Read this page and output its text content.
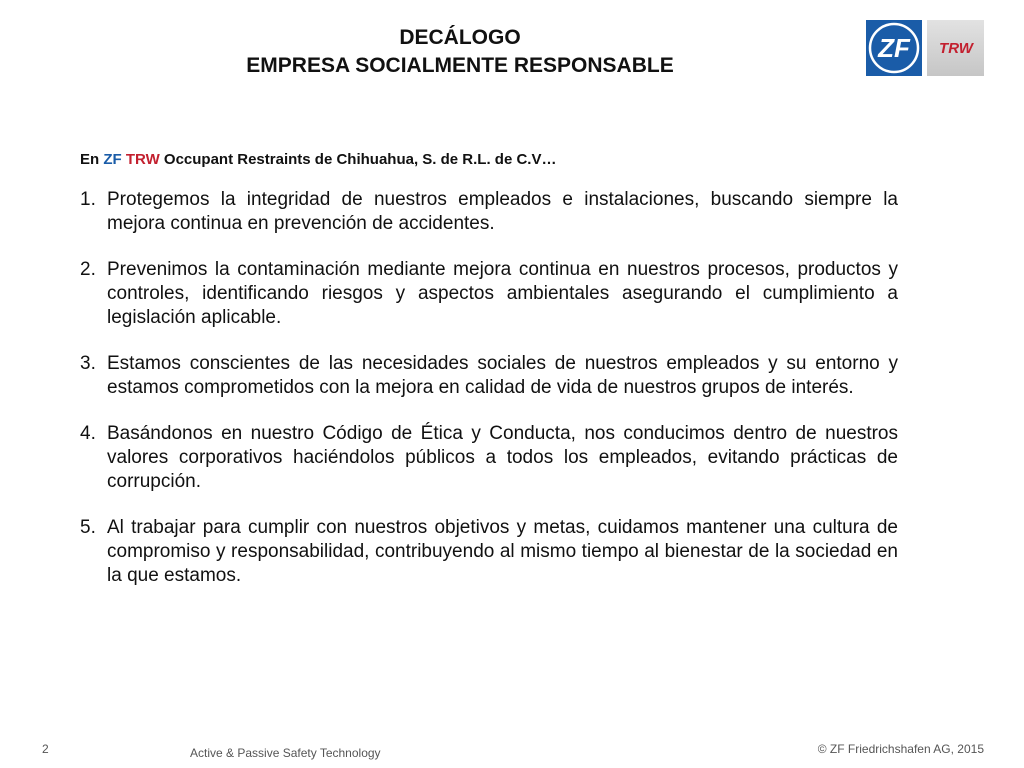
DECÁLOGO
EMPRESA SOCIALMENTE RESPONSABLE
ZF TRW
En ZF TRW Occupant Restraints de Chihuahua, S. de R.L. de C.V…
1. Protegemos la integridad de nuestros empleados e instalaciones, buscando siempre la mejora continua en prevención de accidentes.
2. Prevenimos la contaminación mediante mejora continua en nuestros procesos, productos y controles, identificando riesgos y aspectos ambientales asegurando el cumplimiento a legislación aplicable.
3. Estamos conscientes de las necesidades sociales de nuestros empleados y su entorno y estamos comprometidos con la mejora en calidad de vida de nuestros grupos de interés.
4. Basándonos en nuestro Código de Ética y Conducta, nos conducimos dentro de nuestros valores corporativos haciéndolos públicos a todos los empleados, evitando prácticas de corrupción.
5. Al trabajar para cumplir con nuestros objetivos y metas, cuidamos mantener una cultura de compromiso y responsabilidad, contribuyendo al mismo tiempo al bienestar de la sociedad en la que estamos.
2	Active & Passive Safety Technology	© ZF Friedrichshafen AG, 2015
